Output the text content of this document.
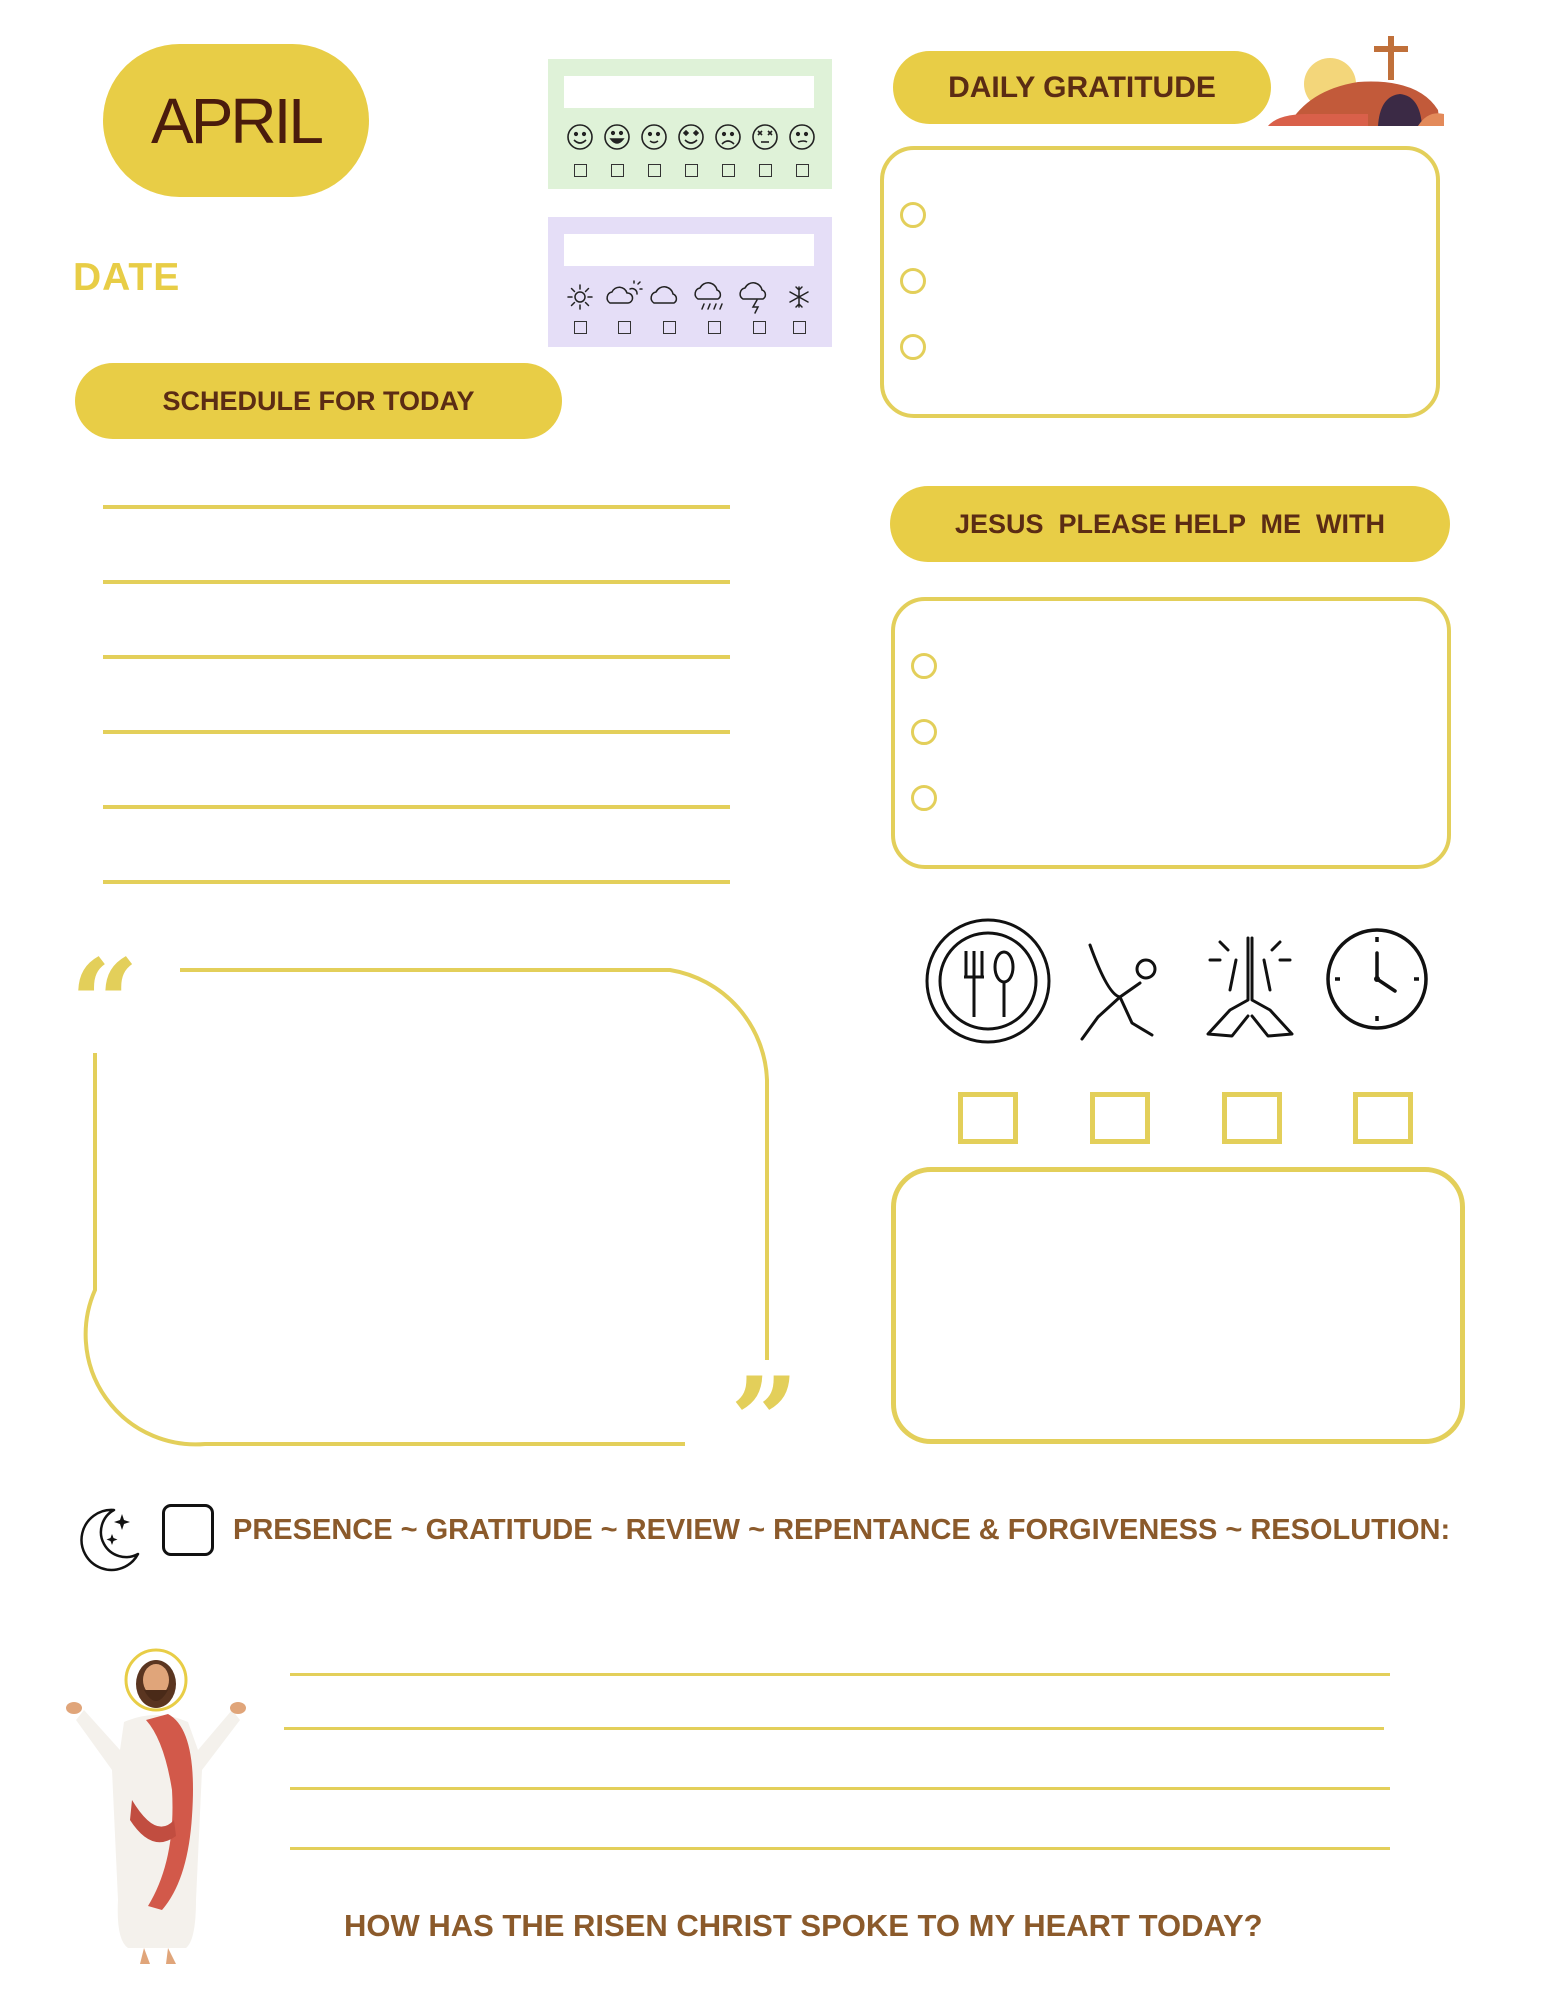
APRIL
DATE
SCHEDULE FOR TODAY
DAILY GRATITUDE
JESUS  PLEASE HELP  ME  WITH
“
”
PRESENCE ~ GRATITUDE ~ REVIEW ~ REPENTANCE & FORGIVENESS ~ RESOLUTION:
HOW HAS THE RISEN CHRIST SPOKE TO MY HEART TODAY?
